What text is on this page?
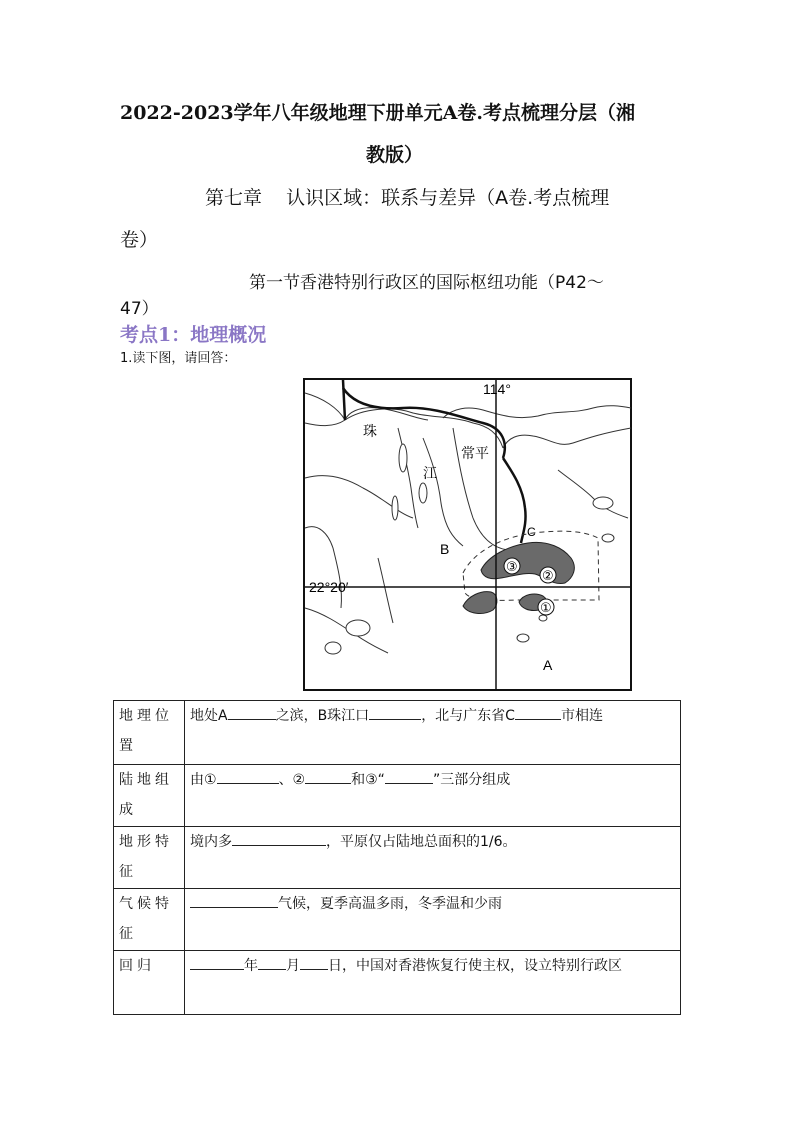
2022-2023学年八年级地理下册单元A卷.考点梳理分层（湘
教版）
第七章    认识区域：联系与差异（A卷.考点梳理
卷）
第一节香港特别行政区的国际枢纽功能（P42～
47）
考点1：地理概况
1.读下图，请回答：
114°
22°20′
珠
江
常平
B
C
A
③
②
①
地理位置	地处A 之滨，B珠江口 ，北与广东省C 市相连
陆地组成	由① 、② 和③“ ”三部分组成
地形特征	境内多 ，平原仅占陆地总面积的1/6。
气候特征	气候，夏季高温多雨，冬季温和少雨
回归	年 月 日，中国对香港恢复行使主权，设立特别行政区
